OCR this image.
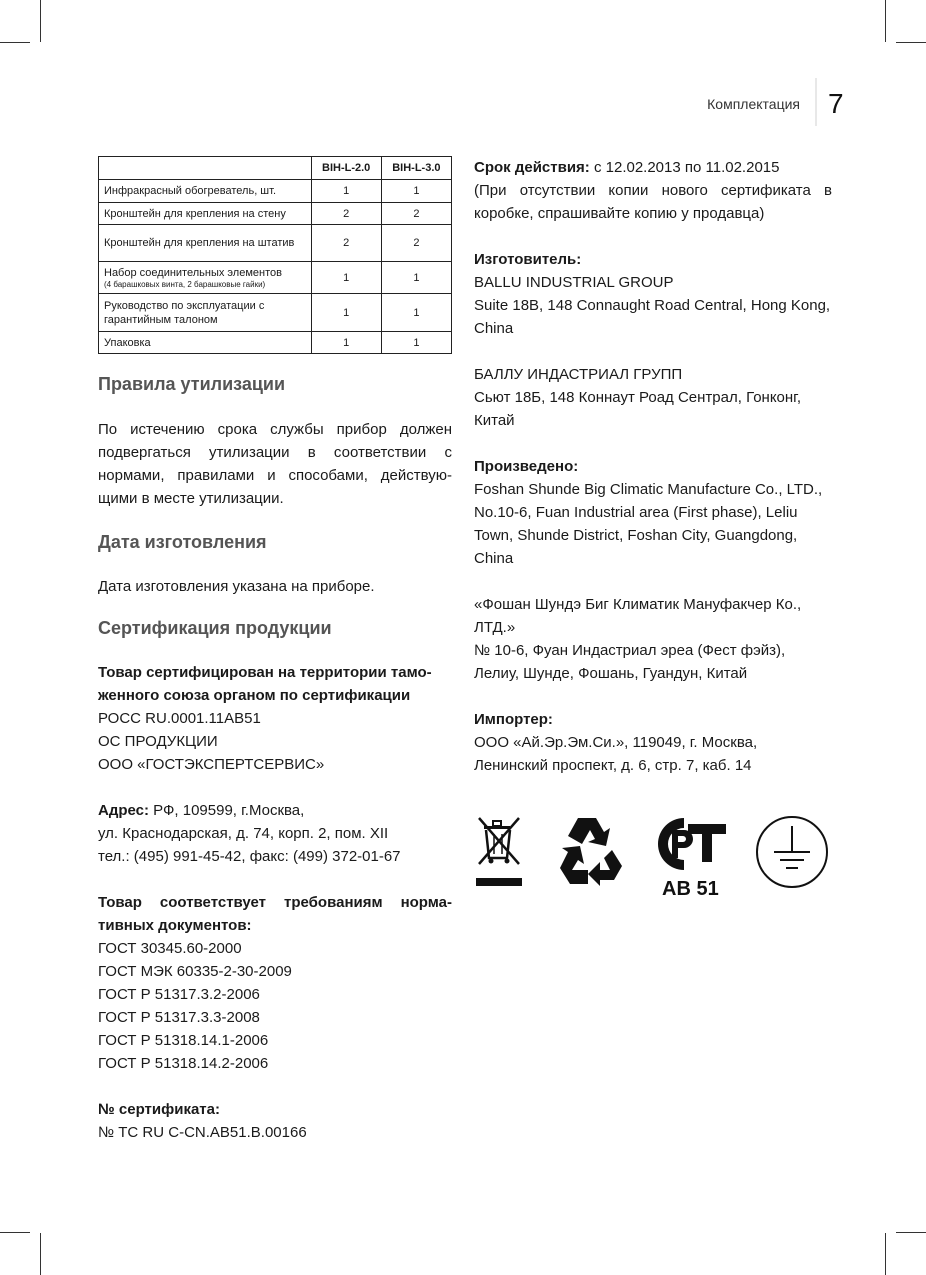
Комплектация 7
	BIH-L-2.0	BIH-L-3.0
Инфракрасный обогреватель, шт.	1	1
Кронштейн для крепления на стену	2	2
Кронштейн для крепления на штатив	2	2
Набор соединительных элементов
(4 барашковых винта, 2 барашковые гайки)	1	1
Руководство по эксплуатации с гарантийным талоном	1	1
Упаковка	1	1
Правила утилизации

По истечению срока службы прибор должен подвергаться утилизации в соответствии с нормами, правилами и способами, действую-щими в месте утилизации.

Дата изготовления

Дата изготовления указана на приборе.

Сертификация продукции

Товар сертифицирован на территории тамо-женного союза органом по сертификации

РОСС RU.0001.11АВ51
ОС ПРОДУКЦИИ
ООО «ГОСТЭКСПЕРТСЕРВИС»

Адрес: РФ, 109599, г.Москва,

ул. Краснодарская, д. 74, корп. 2, пом. XII
тел.: (495) 991-45-42, факс: (499) 372-01-67

Товар соответствует требованиям норма-тивных документов:

ГОСТ 30345.60-2000
ГОСТ МЭК 60335-2-30-2009
ГОСТ Р 51317.3.2-2006
ГОСТ Р 51317.3.3-2008
ГОСТ Р 51318.14.1-2006
ГОСТ Р 51318.14.2-2006

№ сертификата:

№ ТС RU С-CN.АВ51.В.00166

Срок действия: с 12.02.2013 по 11.02.2015

(При отсутствии копии нового сертификата в коробке, спрашивайте копию у продавца)

Изготовитель:

BALLU INDUSTRIAL GROUP
Suite 18B, 148 Connaught Road Central, Hong Kong, China
БАЛЛУ ИНДАСТРИАЛ ГРУПП
Сьют 18Б, 148 Коннаут Роад Сентрал, Гонконг, Китай

Произведено:

Foshan Shunde Big Climatic Manufacture Co., LTD.,
No.10-6, Fuan Industrial area (First phase), Leliu Town, Shunde District, Foshan City, Guangdong, China
«Фошан Шундэ Биг Климатик Мануфакчер Ко., ЛТД.»
№ 10-6, Фуан Индастриал эреа (Фест фэйз), Лелиу, Шунде, Фошань, Гуандун, Китай

Импортер:

ООО «Ай.Эр.Эм.Си.», 119049, г. Москва, Ленинский проспект, д. 6, стр. 7, каб. 14
АВ 51
